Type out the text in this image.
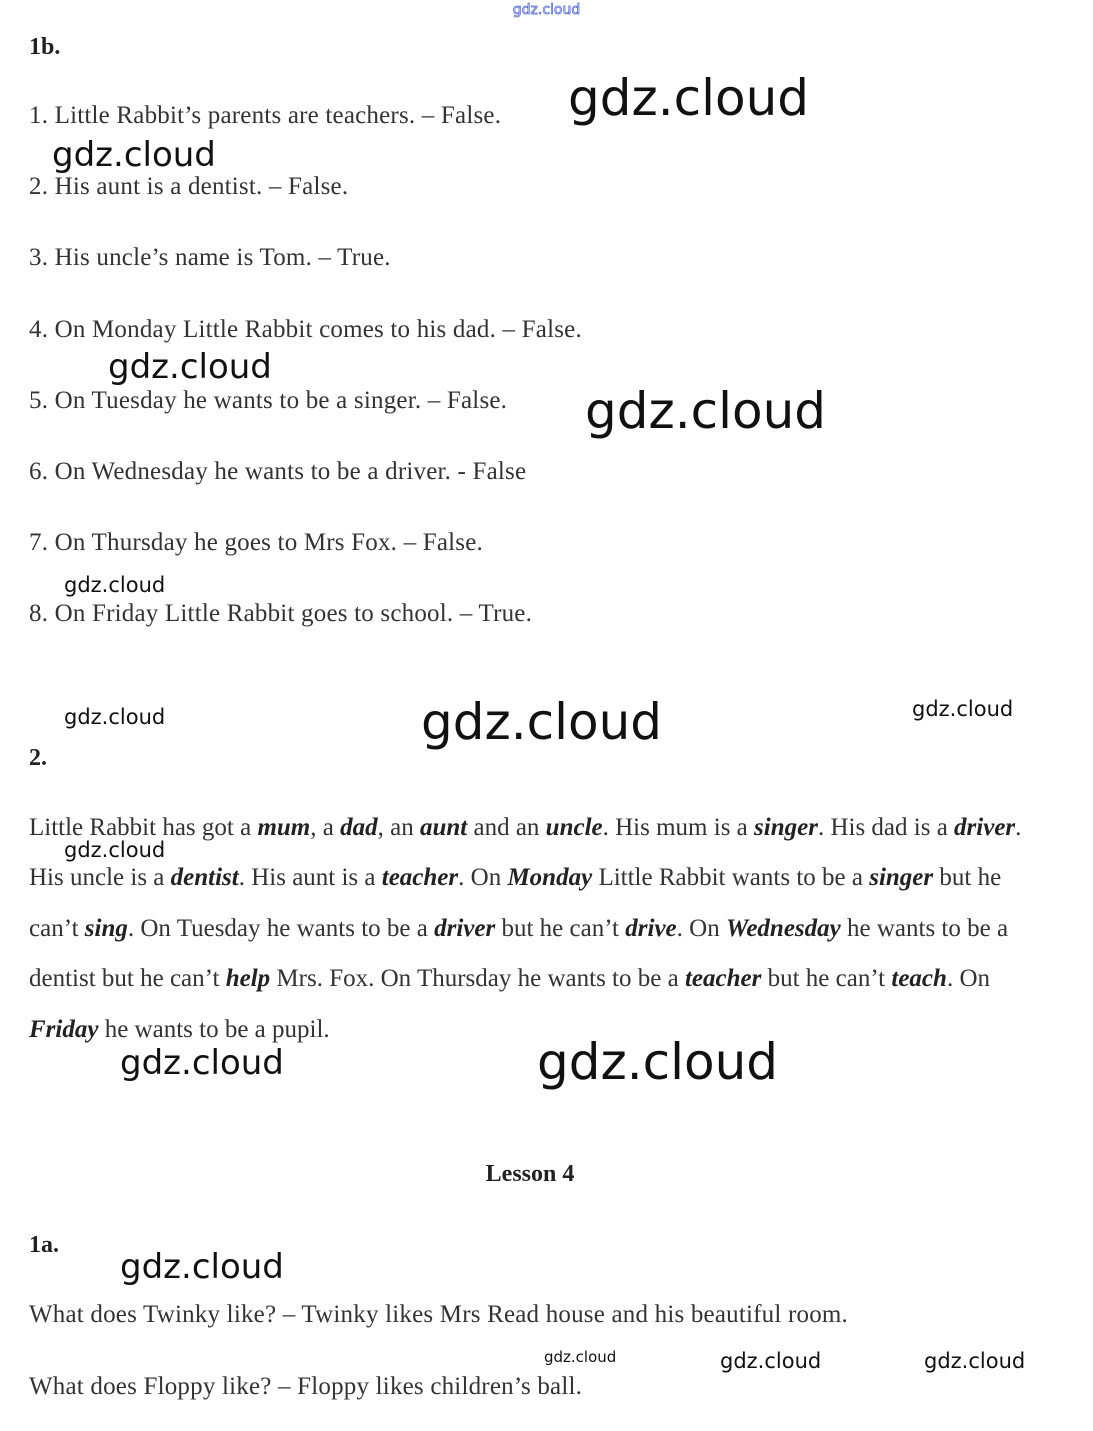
gdz.cloud
1b.
1. Little Rabbit’s parents are teachers. – False.
2. His aunt is a dentist. – False.
3. His uncle’s name is Tom. – True.
4. On Monday Little Rabbit comes to his dad. – False.
5. On Tuesday he wants to be a singer. – False.
6. On Wednesday he wants to be a driver. - False
7. On Thursday he goes to Mrs Fox. – False.
8. On Friday Little Rabbit goes to school. – True.
2.
Little Rabbit has got a mum, a dad, an aunt and an uncle. His mum is a singer. His dad is a driver. His uncle is a dentist. His aunt is a teacher. On Monday Little Rabbit wants to be a singer but he can’t sing. On Tuesday he wants to be a driver but he can’t drive. On Wednesday he wants to be a dentist but he can’t help Mrs. Fox. On Thursday he wants to be a teacher but he can’t teach. On Friday he wants to be a pupil.
Lesson 4
1a.
What does Twinky like? – Twinky likes Mrs Read house and his beautiful room.
What does Floppy like? – Floppy likes children’s ball.
gdz.cloud
gdz.cloud
gdz.cloud
gdz.cloud
gdz.cloud
gdz.cloud	gdz.cloud	gdz.cloud
gdz.cloud
gdz.cloud	gdz.cloud
gdz.cloud
gdz.cloud	gdz.cloud	gdz.cloud
